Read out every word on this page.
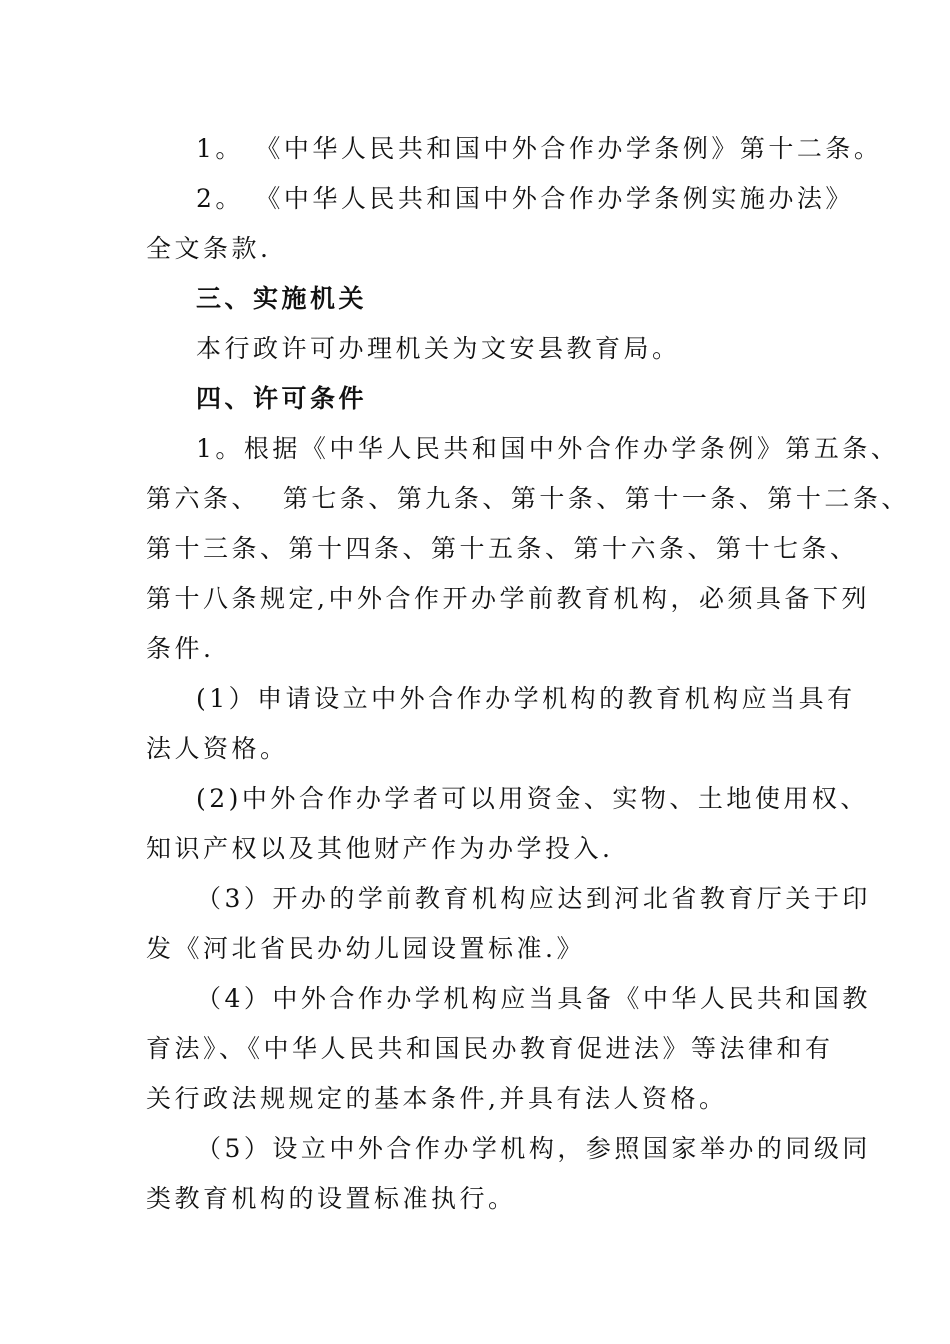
1。 《中华人民共和国中外合作办学条例》第十二条。
2。 《中华人民共和国中外合作办学条例实施办法》
全文条款.
三、实施机关
本行政许可办理机关为文安县教育局。
四、许可条件
1。根据《中华人民共和国中外合作办学条例》第五条、
第六条、  第七条、第九条、第十条、第十一条、第十二条、
第十三条、第十四条、第十五条、第十六条、第十七条、
第十八条规定,中外合作开办学前教育机构，必须具备下列
条件.
(1）申请设立中外合作办学机构的教育机构应当具有
法人资格。
(2)中外合作办学者可以用资金、实物、土地使用权、
知识产权以及其他财产作为办学投入.
（3）开办的学前教育机构应达到河北省教育厅关于印
发《河北省民办幼儿园设置标准.》
（4）中外合作办学机构应当具备《中华人民共和国教
育法》、《中华人民共和国民办教育促进法》等法律和有
关行政法规规定的基本条件,并具有法人资格。
（5）设立中外合作办学机构，参照国家举办的同级同
类教育机构的设置标准执行。
